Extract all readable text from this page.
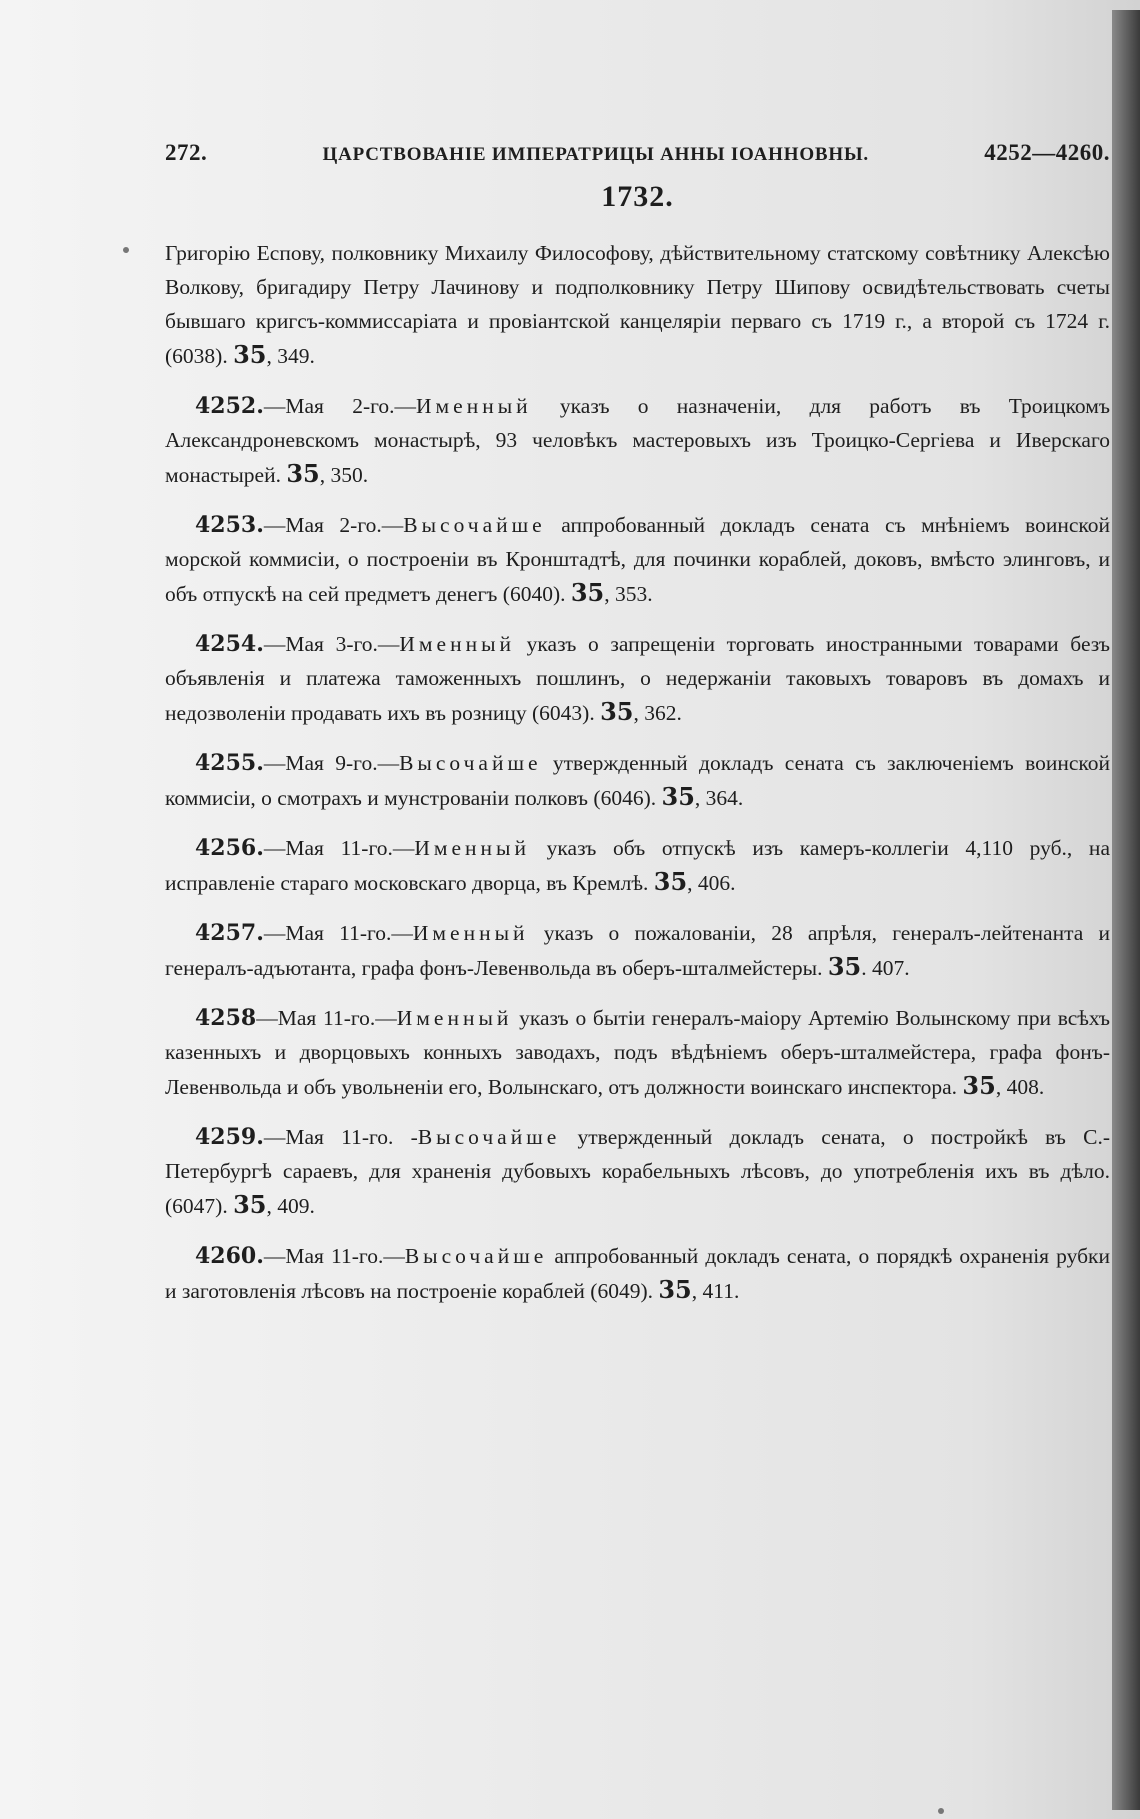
272.	ЦАРСТВОВАНІЕ ИМПЕРАТРИЦЫ АННЫ ІОАННОВНЫ.	4252—4260.
1732.

Григорію Еспову, полковнику Михаилу Философову, дѣйствительному статскому совѣтнику Алексѣю Волкову, бригадиру Петру Лачинову и подполковнику Петру Шипову освидѣтельствовать счеты бывшаго кригсъ-коммиссаріата и провіантской канцеляріи перваго съ 1719 г., а второй съ 1724 г. (6038). 35, 349.

4252.—Мая 2-го.—Именный указъ о назначеніи, для работъ въ Троицкомъ Александроневскомъ монастырѣ, 93 человѣкъ мастеровыхъ изъ Троицко-Сергіева и Иверскаго монастырей. 35, 350.

4253.—Мая 2-го.—Высочайше аппробованный докладъ сената съ мнѣніемъ воинской морской коммисіи, о построеніи въ Кронштадтѣ, для починки кораблей, доковъ, вмѣсто элинговъ, и объ отпускѣ на сей предметъ денегъ (6040). 35, 353.

4254.—Мая 3-го.—Именный указъ о запрещеніи торговать иностранными товарами безъ объявленія и платежа таможенныхъ пошлинъ, о недержаніи таковыхъ товаровъ въ домахъ и недозволеніи продавать ихъ въ розницу (6043). 35, 362.

4255.—Мая 9-го.—Высочайше утвержденный докладъ сената съ заключеніемъ воинской коммисіи, о смотрахъ и мунстрованіи полковъ (6046). 35, 364.

4256.—Мая 11-го.—Именный указъ объ отпускѣ изъ камеръ-коллегіи 4,110 руб., на исправленіе стараго московскаго дворца, въ Кремлѣ. 35, 406.

4257.—Мая 11-го.—Именный указъ о пожалованіи, 28 апрѣля, генералъ-лейтенанта и генералъ-адъютанта, графа фонъ-Левенвольда въ оберъ-шталмейстеры. 35. 407.

4258—Мая 11-го.—Именный указъ о бытіи генералъ-маіору Артемію Волынскому при всѣхъ казенныхъ и дворцовыхъ конныхъ заводахъ, подъ вѣдѣніемъ оберъ-шталмейстера, графа фонъ-Левенвольда и объ увольненіи его, Волынскаго, отъ должности воинскаго инспектора. 35, 408.

4259.—Мая 11-го. -Высочайше утвержденный докладъ сената, о постройкѣ въ С.-Петербургѣ сараевъ, для храненія дубовыхъ корабельныхъ лѣсовъ, до употребленія ихъ въ дѣло. (6047). 35, 409.

4260.—Мая 11-го.—Высочайше аппробованный докладъ сената, о порядкѣ охраненія рубки и заготовленія лѣсовъ на построеніе кораблей (6049). 35, 411.
